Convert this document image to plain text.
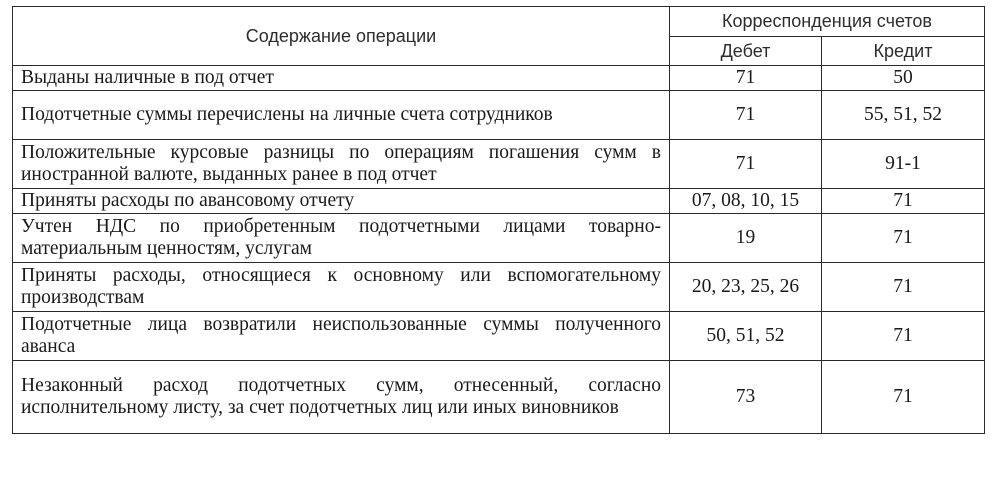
Содержание операции	Корреспонденция счетов	
	Дебет	Кредит
Выданы наличные в под отчет	71	50
Подотчетные суммы перечислены на личные счета сотрудников	71	55, 51, 52
Положительные курсовые разницы по операциям погашения сумм в иностранной валюте, выданных ранее в под отчет	71	91-1
Приняты расходы по авансовому отчету	07, 08, 10, 15	71
Учтен НДС по приобретенным подотчетными лицами товарно-материальным ценностям, услугам	19	71
Приняты расходы, относящиеся к основному или вспомогательному производствам	20, 23, 25, 26	71
Подотчетные лица возвратили неиспользованные суммы полученного аванса	50, 51, 52	71
Незаконный расход подотчетных сумм, отнесенный, согласно исполнительному листу, за счет подотчетных лиц или иных виновников	73	71
